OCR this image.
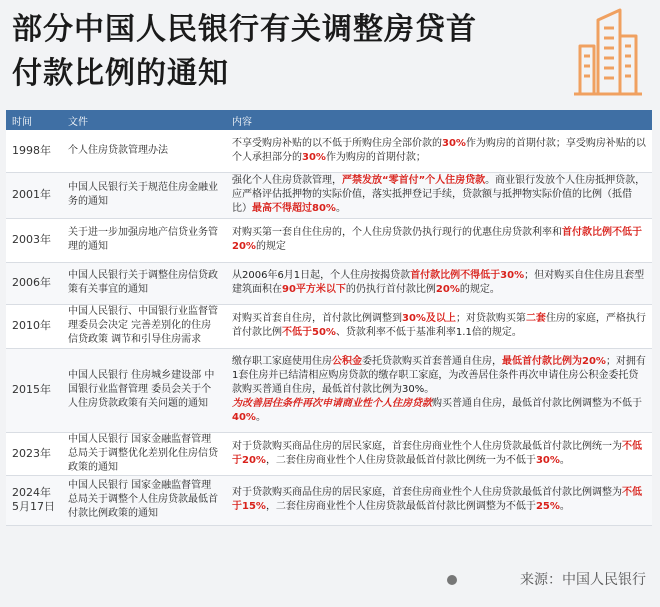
部分中国人民银行有关调整房贷首
付款比例的通知
时间	文件	内容
1998年	个人住房贷款管理办法	不享受购房补贴的以不低于所购住房全部价款的30%作为购房的首期付款；享受购房补贴的以个人承担部分的30%作为购房的首期付款；
2001年	中国人民银行关于规范住房金融业务的通知	强化个人住房贷款管理，严禁发放“零首付”个人住房贷款。商业银行发放个人住房抵押贷款，应严格评估抵押物的实际价值，落实抵押登记手续，贷款额与抵押物实际价值的比例（抵借比）最高不得超过80%。
2003年	关于进一步加强房地产信贷业务管理的通知	对购买第一套自住住房的，个人住房贷款仍执行现行的优惠住房贷款利率和首付款比例不低于20%的规定
2006年	中国人民银行关于调整住房信贷政策有关事宜的通知	从2006年6月1日起，个人住房按揭贷款首付款比例不得低于30%；但对购买自住住房且套型建筑面积在90平方米以下的仍执行首付款比例20%的规定。
2010年	中国人民银行、中国银行业监督管理委员会决定 完善差别化的住房信贷政策 调节和引导住房需求	对购买首套自住房，首付款比例调整到30%及以上；对贷款购买第二套住房的家庭，严格执行首付款比例不低于50%、贷款利率不低于基准利率1.1倍的规定。
2015年	中国人民银行 住房城乡建设部 中国银行业监督管理 委员会关于个人住房贷款政策有关问题的通知	缴存职工家庭使用住房公积金委托贷款购买首套普通自住房，最低首付款比例为20%；对拥有1套住房并已结清相应购房贷款的缴存职工家庭，为改善居住条件再次申请住房公积金委托贷款购买普通自住房，最低首付款比例为30%。
为改善居住条件再次申请商业性个人住房贷款购买普通自住房，最低首付款比例调整为不低于40%。
2023年	中国人民银行 国家金融监督管理总局关于调整优化差别化住房信贷政策的通知	对于贷款购买商品住房的居民家庭，首套住房商业性个人住房贷款最低首付款比例统一为不低于20%，二套住房商业性个人住房贷款最低首付款比例统一为不低于30%。
2024年5月17日	中国人民银行 国家金融监督管理总局关于调整个人住房贷款最低首付款比例政策的通知	对于贷款购买商品住房的居民家庭，首套住房商业性个人住房贷款最低首付款比例调整为不低于15%，二套住房商业性个人住房贷款最低首付款比例调整为不低于25%。
来源：中国人民银行
